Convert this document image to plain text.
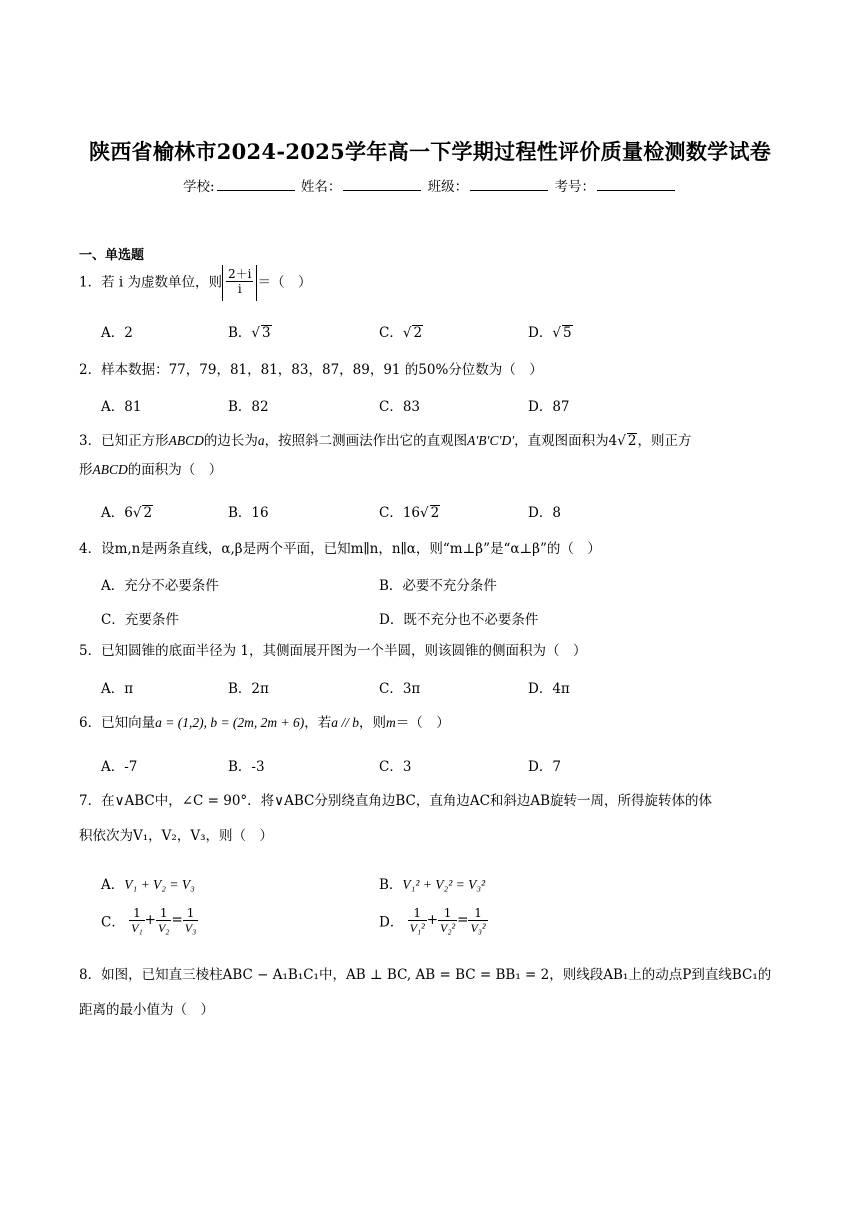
陕西省榆林市2024-2025学年高一下学期过程性评价质量检测数学试卷
学校:	姓名：	班级：	考号：
一、单选题
1．若 i 为虚数单位，则 $\frac{2+i}{i}$ ＝（　）
A．2	B．√ 3	C．√ 2	D．√ 5
2．样本数据：77，79，81，81，83，87，89，91 的50%分位数为（　）
A．81	B．82	C．83	D．87
3．已知正方形ABCD的边长为a，按照斜二测画法作出它的直观图A′B′C′D′，直观图面积为4√ 2，则正方
形ABCD的面积为（　）
A．6√ 2	B．16	C．16√ 2	D．8
4．设m,n是两条直线，α,β是两个平面，已知m∥n，n∥α，则“m⊥β”是“α⊥β”的（　）
A．充分不必要条件	B．必要不充分条件
C．充要条件	D．既不充分也不必要条件
5．已知圆锥的底面半径为 1，其侧面展开图为一个半圆，则该圆锥的侧面积为（　）
A．π	B．2π	C．3π	D．4π
6．已知向量a = (1,2), b = (2m, 2m + 6)，若a // b，则m＝（　）
A．-7	B．-3	C．3	D．7
7．在∨ABC中，∠C = 90°．将∨ABC分别绕直角边BC，直角边AC和斜边AB旋转一周，所得旋转体的体
积依次为V₁，V₂，V₃，则（　）
A．V₁ + V₂ = V₃	B．V₁² + V₂² = V₃²
C． $\frac{1}{\text{V₁}} + \frac{1}{\text{V₂}} = \frac{1}{\text{V₃}}$	D． $\frac{1}{\text{V₁²}} + \frac{1}{\text{V₂²}} = \frac{1}{\text{V₃²}}$
8．如图，已知直三棱柱ABC − A₁B₁C₁中，AB ⊥ BC, AB = BC = BB₁ = 2，则线段AB₁上的动点P到直线BC₁的
距离的最小值为（　）
